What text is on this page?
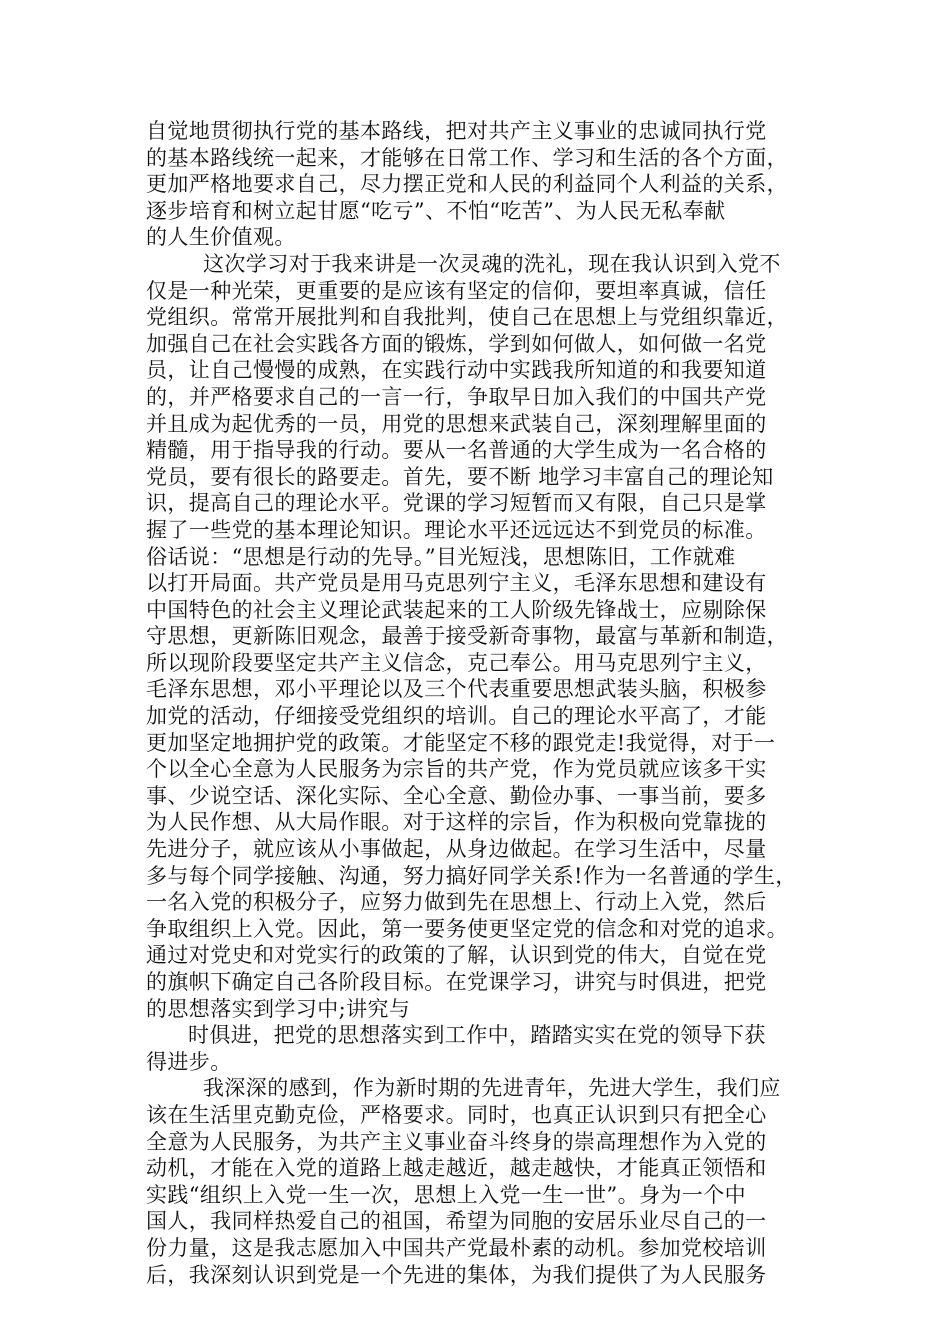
自觉地贯彻执行党的基本路线，把对共产主义事业的忠诚同执行党
的基本路线统一起来，才能够在日常工作、学习和生活的各个方面，
更加严格地要求自己，尽力摆正党和人民的利益同个人利益的关系，
逐步培育和树立起甘愿“吃亏”、不怕“吃苦”、为人民无私奉献
的人生价值观。
这次学习对于我来讲是一次灵魂的洗礼，现在我认识到入党不
仅是一种光荣，更重要的是应该有坚定的信仰，要坦率真诚，信任
党组织。常常开展批判和自我批判，使自己在思想上与党组织靠近，
加强自己在社会实践各方面的锻炼，学到如何做人，如何做一名党
员，让自己慢慢的成熟，在实践行动中实践我所知道的和我要知道
的，并严格要求自己的一言一行，争取早日加入我们的中国共产党
并且成为起优秀的一员，用党的思想来武装自己，深刻理解里面的
精髓，用于指导我的行动。要从一名普通的大学生成为一名合格的
党员，要有很长的路要走。首先，要不断 地学习丰富自己的理论知
识，提高自己的理论水平。党课的学习短暂而又有限，自己只是掌
握了一些党的基本理论知识。理论水平还远远达不到党员的标准。
俗话说：“思想是行动的先导。”目光短浅，思想陈旧，工作就难
以打开局面。共产党员是用马克思列宁主义，毛泽东思想和建设有
中国特色的社会主义理论武装起来的工人阶级先锋战士，应剔除保
守思想，更新陈旧观念，最善于接受新奇事物，最富与革新和制造，
所以现阶段要坚定共产主义信念，克己奉公。用马克思列宁主义，
毛泽东思想，邓小平理论以及三个代表重要思想武装头脑，积极参
加党的活动，仔细接受党组织的培训。自己的理论水平高了，才能
更加坚定地拥护党的政策。才能坚定不移的跟党走!我觉得，对于一
个以全心全意为人民服务为宗旨的共产党，作为党员就应该多干实
事、少说空话、深化实际、全心全意、勤俭办事、一事当前，要多
为人民作想、从大局作眼。对于这样的宗旨，作为积极向党靠拢的
先进分子，就应该从小事做起，从身边做起。在学习生活中，尽量
多与每个同学接触、沟通，努力搞好同学关系!作为一名普通的学生，
一名入党的积极分子，应努力做到先在思想上、行动上入党，然后
争取组织上入党。因此，第一要务使更坚定党的信念和对党的追求。
通过对党史和对党实行的政策的了解，认识到党的伟大，自觉在党
的旗帜下确定自己各阶段目标。在党课学习，讲究与时俱进，把党
的思想落实到学习中;讲究与
时俱进，把党的思想落实到工作中，踏踏实实在党的领导下获
得进步。
我深深的感到，作为新时期的先进青年，先进大学生，我们应
该在生活里克勤克俭，严格要求。同时，也真正认识到只有把全心
全意为人民服务，为共产主义事业奋斗终身的崇高理想作为入党的
动机，才能在入党的道路上越走越近，越走越快，才能真正领悟和
实践“组织上入党一生一次，思想上入党一生一世”。身为一个中
国人，我同样热爱自己的祖国，希望为同胞的安居乐业尽自己的一
份力量，这是我志愿加入中国共产党最朴素的动机。参加党校培训
后，我深刻认识到党是一个先进的集体，为我们提供了为人民服务
